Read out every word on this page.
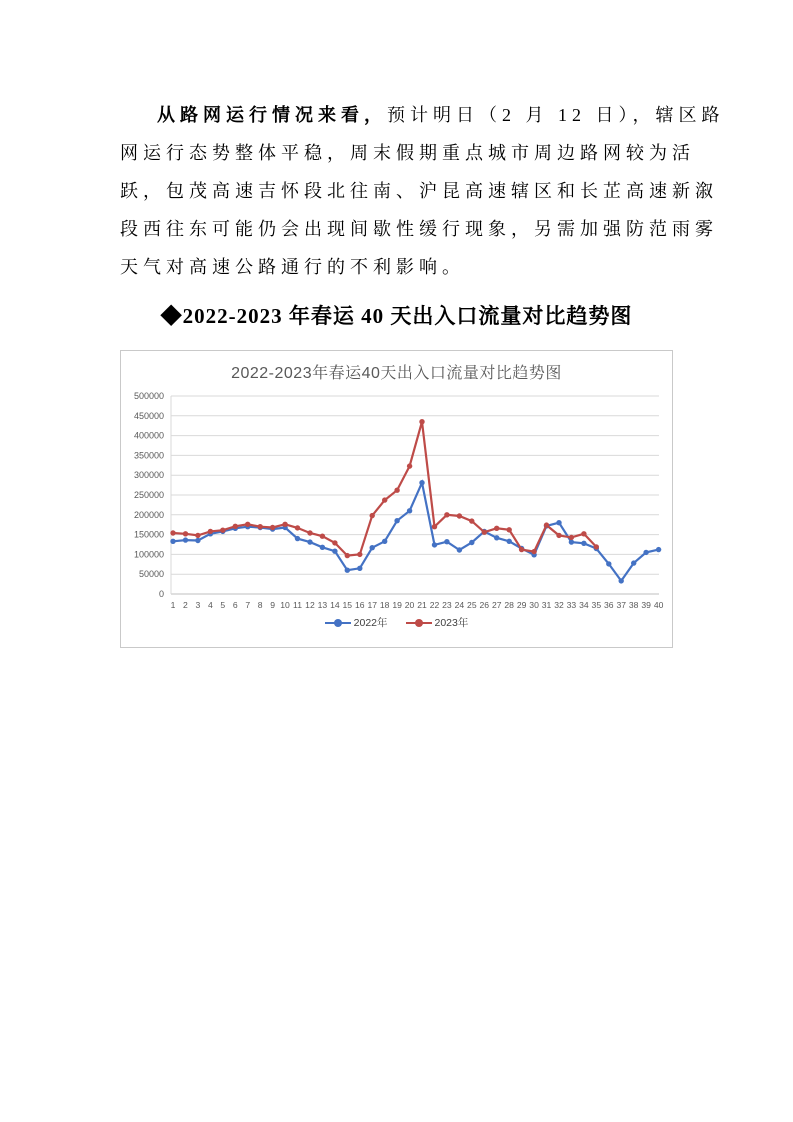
从路网运行情况来看，预计明日（2 月 12 日），辖区路
网运行态势整体平稳，周末假期重点城市周边路网较为活
跃，包茂高速吉怀段北往南、沪昆高速辖区和长芷高速新溆
段西往东可能仍会出现间歇性缓行现象，另需加强防范雨雾
天气对高速公路通行的不利影响。
◆2022-2023 年春运 40 天出入口流量对比趋势图
0
50000
100000
150000
200000
250000
300000
350000
400000
450000
500000
1 2 3 4 5 6 7 8 9 10 11 12 13 14 15 16 17 18 19 20 21 22 23 24 25 26 27 28 29 30 31 32 33 34 35 36 37 38 39 40
2022-2023年春运40天出入口流量对比趋势图
2022年	2023年
